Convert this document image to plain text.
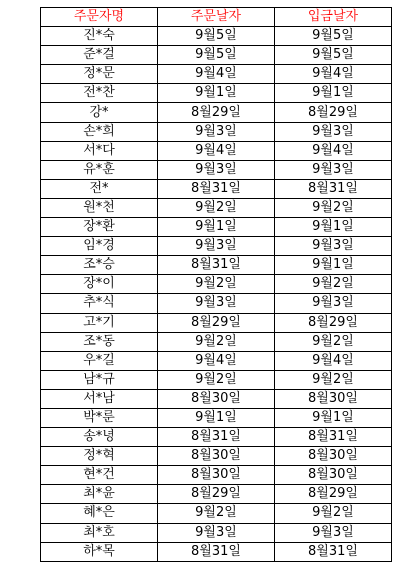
주문자명	주문날자	입금날자
진*숙	9월5일	9월5일
준*걸	9월5일	9월5일
정*문	9월4일	9월4일
전*찬	9월1일	9월1일
강*	8월29일	8월29일
손*희	9월3일	9월3일
서*다	9월4일	9월4일
유*훈	9월3일	9월3일
전*	8월31일	8월31일
원*천	9월2일	9월2일
장*환	9월1일	9월1일
임*경	9월3일	9월3일
조*승	8월31일	9월1일
장*이	9월2일	9월2일
추*식	9월3일	9월3일
고*기	8월29일	8월29일
조*동	9월2일	9월2일
우*길	9월4일	9월4일
남*규	9월2일	9월2일
서*남	8월30일	8월30일
박*룬	9월1일	9월1일
송*녕	8월31일	8월31일
정*혁	8월30일	8월30일
현*건	8월30일	8월30일
최*윤	8월29일	8월29일
혜*은	9월2일	9월2일
최*호	9월3일	9월3일
하*목	8월31일	8월31일
